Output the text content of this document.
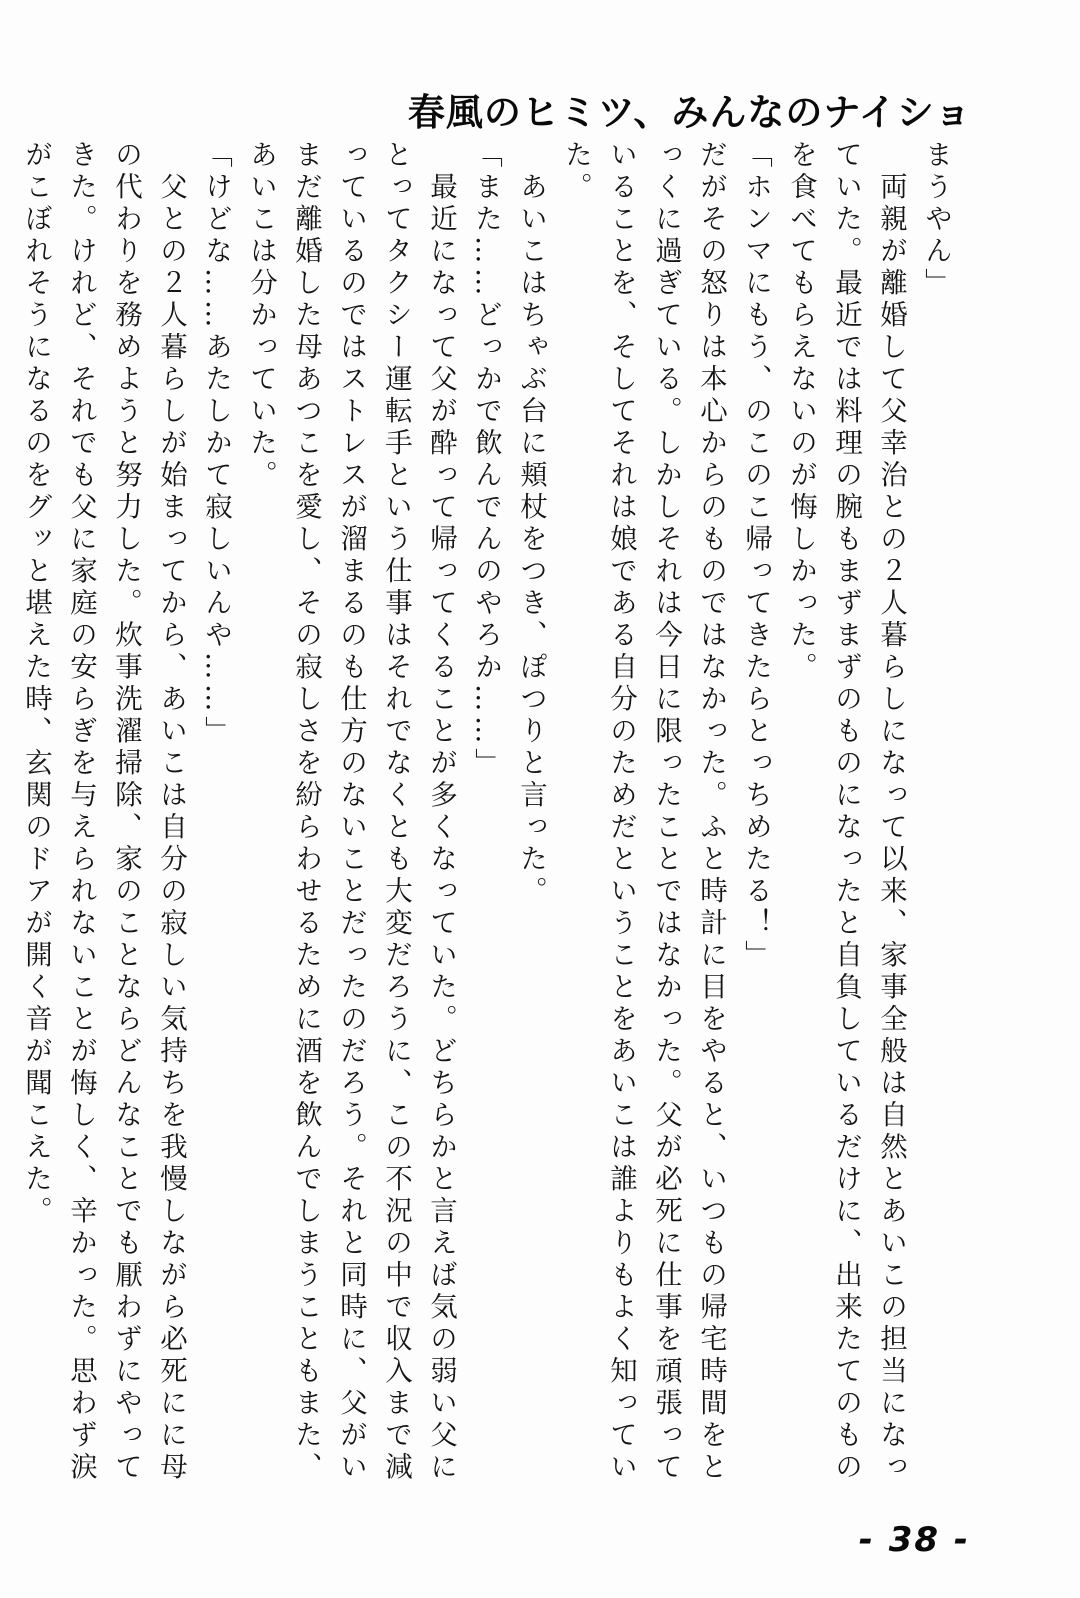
春風のヒミツ、みんなのナイショ

まうやん」

　両親が離婚して父幸治との２人暮らしになって以来、家事全般は自然とあいこの担当になっていた。最近では料理の腕もまずまずのものになったと自負しているだけに、出来たてのものを食べてもらえないのが悔しかった。

「ホンマにもう、のこのこ帰ってきたらとっちめたる！」

だがその怒りは本心からのものではなかった。ふと時計に目をやると、いつもの帰宅時間をとっくに過ぎている。しかしそれは今日に限ったことではなかった。父が必死に仕事を頑張っていることを、そしてそれは娘である自分のためだということをあいこは誰よりもよく知っていた。

　あいこはちゃぶ台に頬杖をつき、ぽつりと言った。

「また……どっかで飲んでんのやろか……」

　最近になって父が酔って帰ってくることが多くなっていた。どちらかと言えば気の弱い父にとってタクシー運転手という仕事はそれでなくとも大変だろうに、この不況の中で収入まで減っているのではストレスが溜まるのも仕方のないことだったのだろう。それと同時に、父がいまだ離婚した母あつこを愛し、その寂しさを紛らわせるために酒を飲んでしまうこともまた、あいこは分かっていた。

「けどな……あたしかて寂しいんや……」

　父との２人暮らしが始まってから、あいこは自分の寂しい気持ちを我慢しながら必死にに母の代わりを務めようと努力した。炊事洗濯掃除、家のことならどんなことでも厭わずにやってきた。けれど、それでも父に家庭の安らぎを与えられないことが悔しく、辛かった。思わず涙がこぼれそうになるのをグッと堪えた時、玄関のドアが開く音が聞こえた。

- 38 -
